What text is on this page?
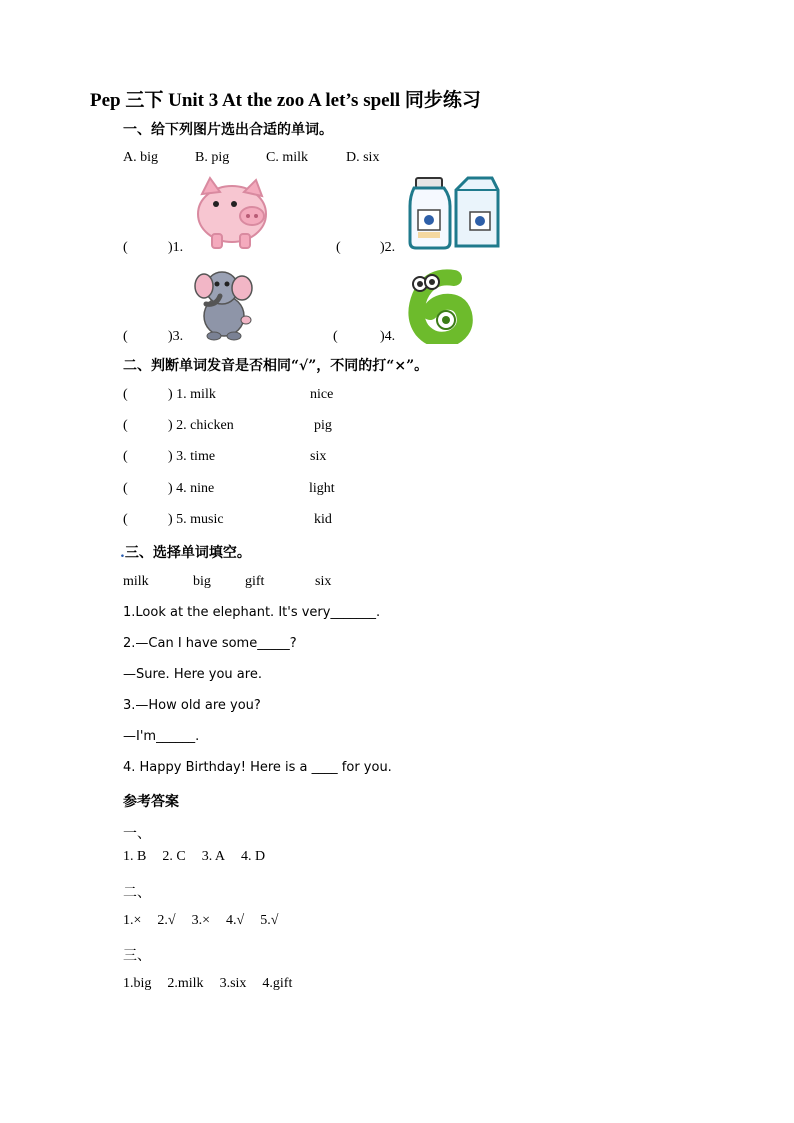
Pep 三下 Unit 3 At the zoo A let’s spell 同步练习
一、给下列图片选出合适的单词。
A. big	B. pig	C. milk	D. six
(	)1.	(	)2.
(	)3.	(	)4.
二、判断单词发音是否相同“√”，不同的打“×”。
(	) 1. milk	nice
(	) 2. chicken	pig
(	) 3. time	six
(	) 4. nine	light
(	) 5. music	kid
.三、选择单词填空。
milk	big gift	six
1.Look at the elephant. It's very_______.
2.—Can I have some_____?
—Sure. Here you are.
3.—How old are you?
—I'm______.
4. Happy Birthday! Here is a ____ for you.
参考答案
一、
1. B 2. C 3. A 4. D
二、
1.× 2.√ 3.× 4.√ 5.√
三、
1.big 2.milk 3.six 4.gift
